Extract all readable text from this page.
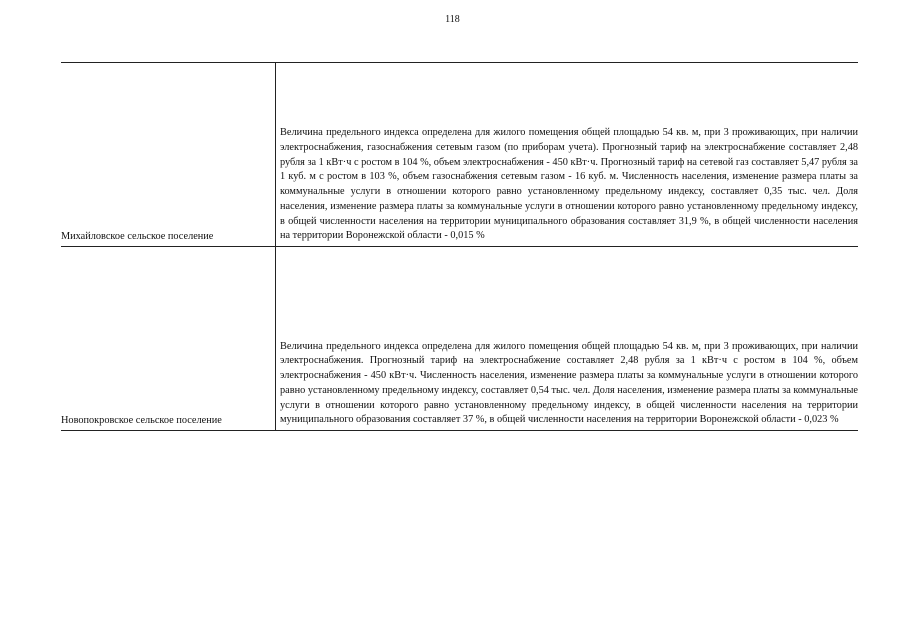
118
Михайловское сельское поселение	Величина предельного индекса определена для жилого помещения общей площадью 54 кв. м, при 3 проживающих, при наличии электроснабжения, газоснабжения сетевым газом (по приборам учета). Прогнозный тариф на электроснабжение составляет 2,48 рубля за 1 кВт·ч с ростом в 104 %, объем электроснабжения - 450 кВт·ч. Прогнозный тариф на сетевой газ составляет 5,47 рубля за 1 куб. м с ростом в 103 %, объем газоснабжения сетевым газом - 16 куб. м. Численность населения, изменение размера платы за коммунальные услуги в отношении которого равно установленному предельному индексу, составляет 0,35 тыс. чел. Доля населения, изменение размера платы за коммунальные услуги в отношении которого равно установленному предельному индексу, в общей численности населения на территории муниципального образования составляет 31,9 %, в общей численности населения на территории Воронежской области - 0,015 %
Новопокровское сельское поселение	Величина предельного индекса определена для жилого помещения общей площадью 54 кв. м, при 3 проживающих, при наличии электроснабжения. Прогнозный тариф на электроснабжение составляет 2,48 рубля за 1 кВт·ч с ростом в 104 %, объем электроснабжения - 450 кВт·ч. Численность населения, изменение размера платы за коммунальные услуги в отношении которого равно установленному предельному индексу, составляет 0,54 тыс. чел. Доля населения, изменение размера платы за коммунальные услуги в отношении которого равно установленному предельному индексу, в общей численности населения на территории муниципального образования составляет 37 %, в общей численности населения на территории Воронежской области - 0,023 %
